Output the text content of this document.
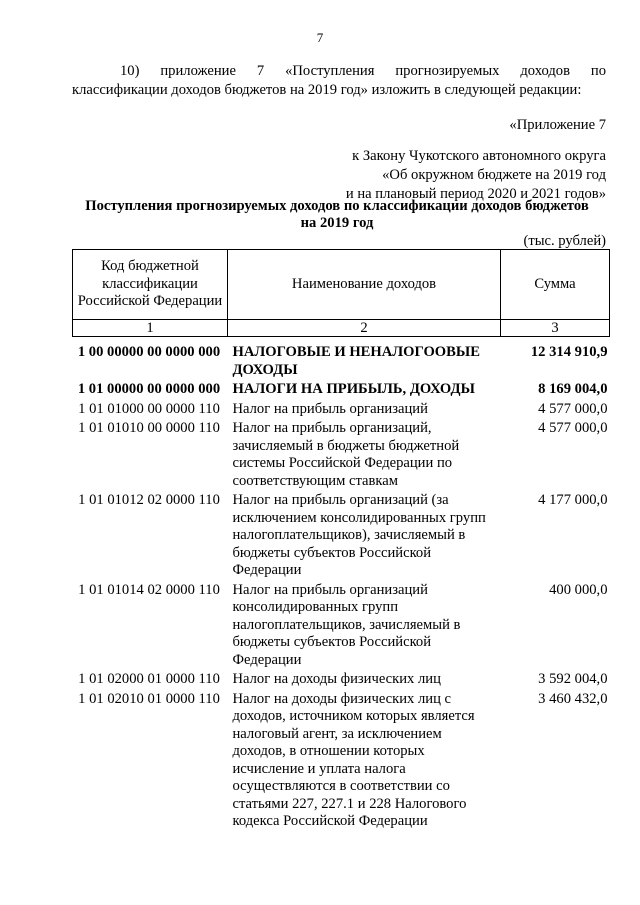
7
10) приложение 7 «Поступления прогнозируемых доходов по
классификации доходов бюджетов на 2019 год» изложить в следующей редакции:
«Приложение 7
к Закону Чукотского автономного округа
«Об окружном бюджете на 2019 год
и на плановый период 2020 и 2021 годов»
Поступления прогнозируемых доходов по классификации доходов бюджетов
на 2019 год
(тыс. рублей)
Код бюджетной классификации Российской Федерации	Наименование доходов	Сумма
1	2	3
1 00 00000 00 0000 000	НАЛОГОВЫЕ И НЕНАЛОГООВЫЕ ДОХОДЫ	12 314 910,9
1 01 00000 00 0000 000	НАЛОГИ НА ПРИБЫЛЬ, ДОХОДЫ	8 169 004,0
1 01 01000 00 0000 110	Налог на прибыль организаций	4 577 000,0
1 01 01010 00 0000 110	Налог на прибыль организаций, зачисляемый в бюджеты бюджетной системы Российской Федерации по соответствующим ставкам	4 577 000,0
1 01 01012 02 0000 110	Налог на прибыль организаций (за исключением консолидированных групп налогоплательщиков), зачисляемый в бюджеты субъектов Российской Федерации	4 177 000,0
1 01 01014 02 0000 110	Налог на прибыль организаций консолидированных групп налогоплательщиков, зачисляемый в бюджеты субъектов Российской Федерации	400 000,0
1 01 02000 01 0000 110	Налог на доходы физических лиц	3 592 004,0
1 01 02010 01 0000 110	Налог на доходы физических лиц с доходов, источником которых является налоговый агент, за исключением доходов, в отношении которых исчисление и уплата налога осуществляются в соответствии со статьями 227, 227.1 и 228 Налогового кодекса Российской Федерации	3 460 432,0
